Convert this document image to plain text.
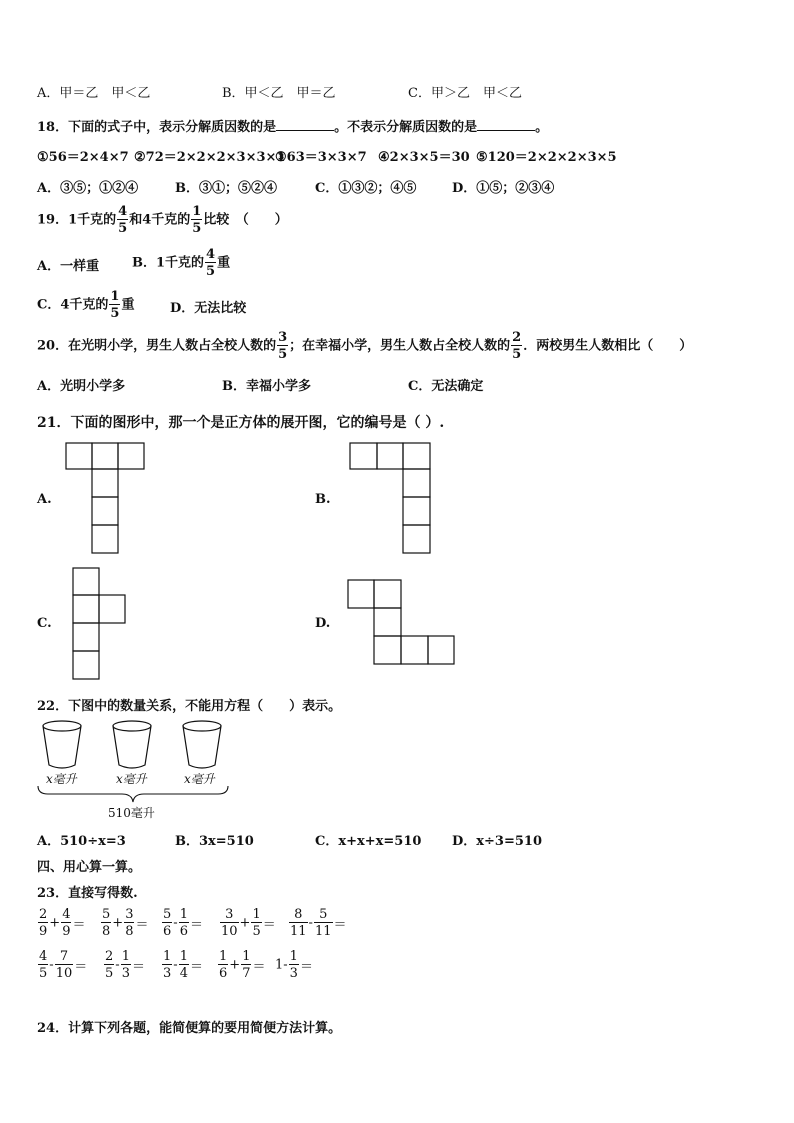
A．甲＝乙　甲＜乙	B．甲＜乙　甲＝乙	C．甲＞乙　甲＜乙
18．下面的式子中，表示分解质因数的是	。不表示分解质因数的是	。
①56＝2×4×7 ②72＝2×2×2×3×3×1
③63＝3×3×7 ④2×3×5＝30 ⑤120＝2×2×2×3×5
A．③⑤；①②④	B．③①；⑤②④	C．①③②；④⑤	D．①⑤；②③④
19．1千克的 $\frac{4}{5}$ 和4千克的 $\frac{1}{5}$ 比较　（　　）
A．一样重	B．1千克的 $\frac{4}{5}$ 重
C．4千克的 $\frac{1}{5}$ 重	D．无法比较
20．在光明小学，男生人数占全校人数的 $\frac{3}{5}$ ；在幸福小学，男生人数占全校人数的 $\frac{2}{5}$ ．两校男生人数相比（　　）
A．光明小学多	B．幸福小学多	C．无法确定
21．下面的图形中，那一个是正方体的展开图，它的编号是（ ）.
A.	B.
C.	D.
22．下图中的数量关系，不能用方程（　　）表示。
x毫升	x毫升	x毫升
510毫升
A．510÷x=3	B．3x=510	C．x+x+x=510 D．x÷3=510
四、用心算一算。
23．直接写得数.
$\frac{2}{9} + \frac{4}{9} = \frac{5}{8} + \frac{3}{8} = \frac{5}{6} - \frac{1}{6} = \frac{3}{10} + \frac{1}{5} = \frac{8}{11} - \frac{5}{11}$ ＝
$\frac{4}{5} - \frac{7}{10} = \frac{2}{5} - \frac{1}{3} = \frac{1}{3} - \frac{1}{4} = \frac{1}{6} + \frac{1}{7} = 1- \frac{1}{3}$ ＝
24．计算下列各题，能简便算的要用简便方法计算。
